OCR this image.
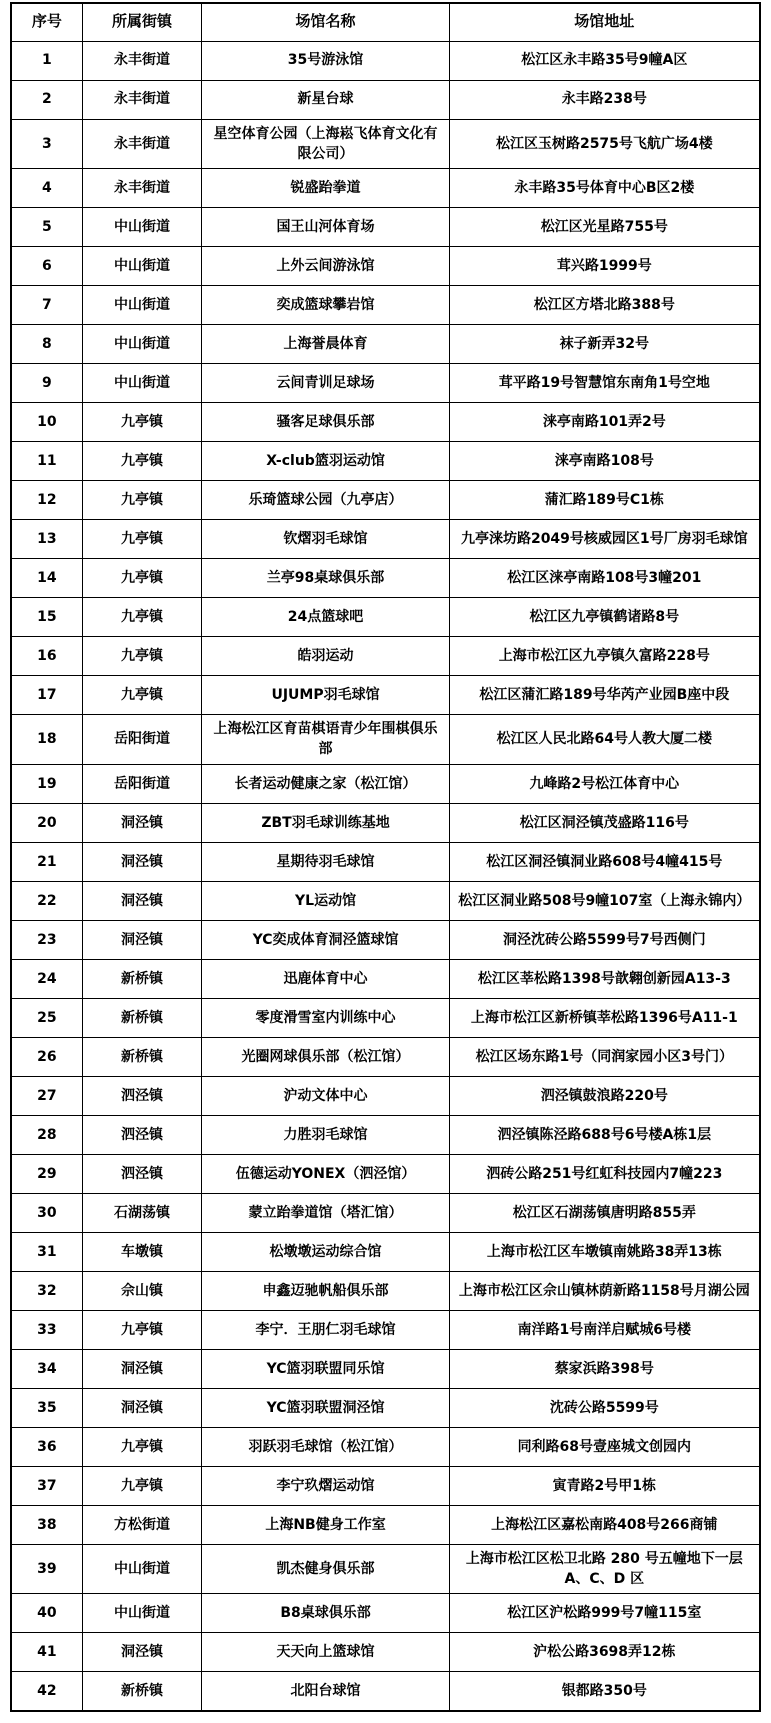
序号	所属街镇	场馆名称	场馆地址
1	永丰街道	35号游泳馆	松江区永丰路35号9幢A区
2	永丰街道	新星台球	永丰路238号
3	永丰街道	星空体育公园（上海崧飞体育文化有限公司）	松江区玉树路2575号飞航广场4楼
4	永丰街道	锐盛跆拳道	永丰路35号体育中心B区2楼
5	中山街道	国王山河体育场	松江区光星路755号
6	中山街道	上外云间游泳馆	茸兴路1999号
7	中山街道	奕成篮球攀岩馆	松江区方塔北路388号
8	中山街道	上海誉晨体育	袜子新弄32号
9	中山街道	云间青训足球场	茸平路19号智慧馆东南角1号空地
10	九亭镇	骚客足球俱乐部	涞亭南路101弄2号
11	九亭镇	X-club篮羽运动馆	涞亭南路108号
12	九亭镇	乐琦篮球公园（九亭店）	蒲汇路189号C1栋
13	九亭镇	钦熠羽毛球馆	九亭涞坊路2049号核威园区1号厂房羽毛球馆
14	九亭镇	兰亭98桌球俱乐部	松江区涞亭南路108号3幢201
15	九亭镇	24点篮球吧	松江区九亭镇鹤诸路8号
16	九亭镇	皓羽运动	上海市松江区九亭镇久富路228号
17	九亭镇	UJUMP羽毛球馆	松江区蒲汇路189号华芮产业园B座中段
18	岳阳街道	上海松江区育苗棋语青少年围棋俱乐部	松江区人民北路64号人教大厦二楼
19	岳阳街道	长者运动健康之家（松江馆）	九峰路2号松江体育中心
20	洞泾镇	ZBT羽毛球训练基地	松江区洞泾镇茂盛路116号
21	洞泾镇	星期待羽毛球馆	松江区洞泾镇洞业路608号4幢415号
22	洞泾镇	YL运动馆	松江区洞业路508号9幢107室（上海永锦内）
23	洞泾镇	YC奕成体育洞泾篮球馆	洞泾沈砖公路5599号7号西侧门
24	新桥镇	迅鹿体育中心	松江区莘松路1398号歆翱创新园A13-3
25	新桥镇	零度滑雪室内训练中心	上海市松江区新桥镇莘松路1396号A11-1
26	新桥镇	光圈网球俱乐部（松江馆）	松江区场东路1号（同润家园小区3号门）
27	泗泾镇	沪动文体中心	泗泾镇鼓浪路220号
28	泗泾镇	力胜羽毛球馆	泗泾镇陈泾路688号6号楼A栋1层
29	泗泾镇	伍德运动YONEX（泗泾馆）	泗砖公路251号红虹科技园内7幢223
30	石湖荡镇	蒙立跆拳道馆（塔汇馆）	松江区石湖荡镇唐明路855弄
31	车墩镇	松墩墩运动综合馆	上海市松江区车墩镇南姚路38弄13栋
32	佘山镇	申鑫迈驰帆船俱乐部	上海市松江区佘山镇林荫新路1158号月湖公园
33	九亭镇	李宁．王朋仁羽毛球馆	南洋路1号南洋启赋城6号楼
34	洞泾镇	YC篮羽联盟同乐馆	蔡家浜路398号
35	洞泾镇	YC篮羽联盟洞泾馆	沈砖公路5599号
36	九亭镇	羽跃羽毛球馆（松江馆）	同利路68号壹座城文创园内
37	九亭镇	李宁玖熠运动馆	寅青路2号甲1栋
38	方松街道	上海NB健身工作室	上海松江区嘉松南路408号266商铺
39	中山街道	凯杰健身俱乐部	上海市松江区松卫北路 280 号五幢地下一层A、C、D 区
40	中山街道	B8桌球俱乐部	松江区沪松路999号7幢115室
41	洞泾镇	天天向上篮球馆	沪松公路3698弄12栋
42	新桥镇	北阳台球馆	银都路350号
